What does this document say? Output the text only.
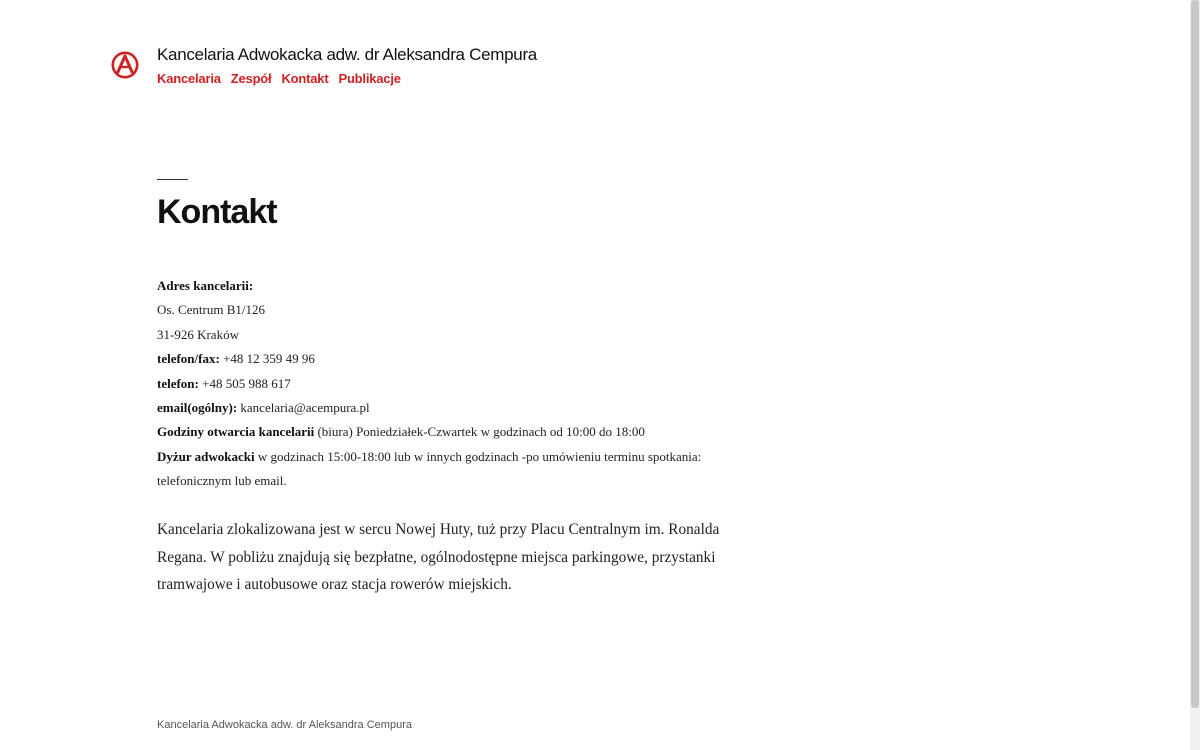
Kancelaria Adwokacka adw. dr Aleksandra Cempura
Kancelaria Zespół Kontakt Publikacje
Kontakt
Adres kancelarii:
Os. Centrum B1/126
31-926 Kraków
telefon/fax: +48 12 359 49 96
telefon: +48 505 988 617
email(ogólny): kancelaria@acempura.pl
Godziny otwarcia kancelarii (biura) Poniedziałek-Czwartek w godzinach od 10:00 do 18:00
Dyżur adwokacki w godzinach 15:00-18:00 lub w innych godzinach -po umówieniu terminu spotkania:
telefonicznym lub email.

Kancelaria zlokalizowana jest w sercu Nowej Huty, tuż przy Placu Centralnym im. Ronalda Regana. W pobliżu znajdują się bezpłatne, ogólnodostępne miejsca parkingowe, przystanki tramwajowe i autobusowe oraz stacja rowerów miejskich.

Kancelaria Adwokacka adw. dr Aleksandra Cempura
